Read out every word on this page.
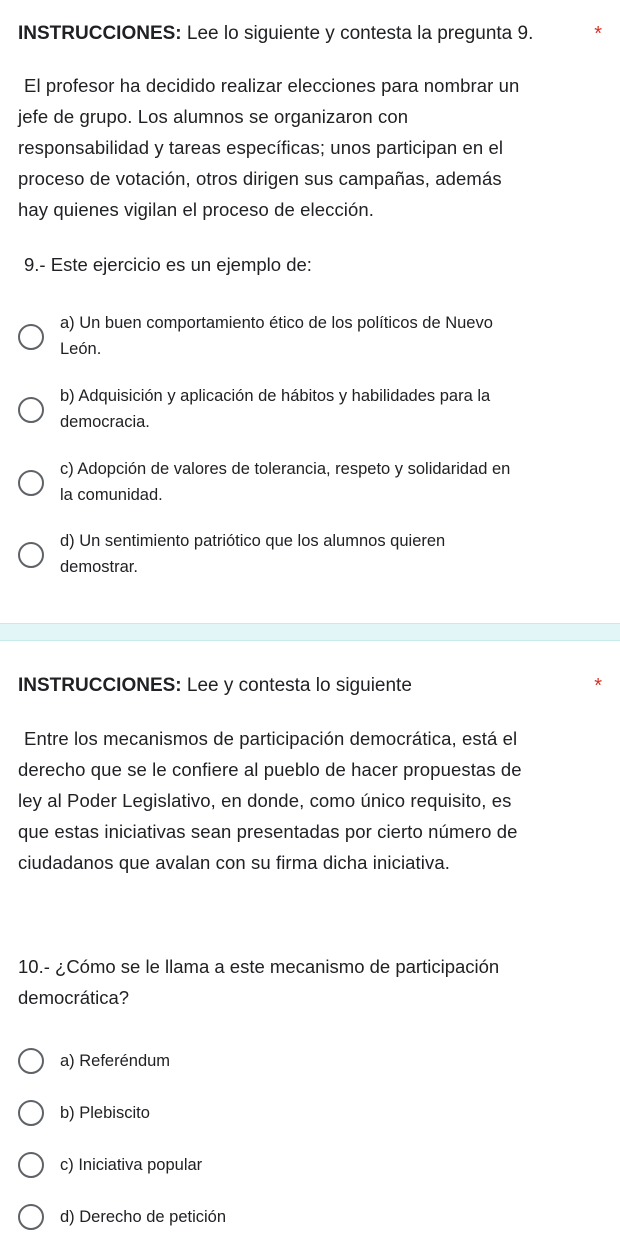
INSTRUCCIONES: Lee lo siguiente y contesta la pregunta 9.	*
El profesor ha decidido realizar elecciones para nombrar un
jefe de grupo. Los alumnos se organizaron con
responsabilidad y tareas específicas; unos participan en el
proceso de votación, otros dirigen sus campañas, además
hay quienes vigilan el proceso de elección.
9.- Este ejercicio es un ejemplo de:
a) Un buen comportamiento ético de los políticos de Nuevo
León.
b) Adquisición y aplicación de hábitos y habilidades para la
democracia.
c) Adopción de valores de tolerancia, respeto y solidaridad en
la comunidad.
d) Un sentimiento patriótico que los alumnos quieren
demostrar.
INSTRUCCIONES: Lee y contesta lo siguiente	*
Entre los mecanismos de participación democrática, está el
derecho que se le confiere al pueblo de hacer propuestas de
ley al Poder Legislativo, en donde, como único requisito, es
que estas iniciativas sean presentadas por cierto número de
ciudadanos que avalan con su firma dicha iniciativa.
10.- ¿Cómo se le llama a este mecanismo de participación
democrática?
a) Referéndum
b) Plebiscito
c) Iniciativa popular
d) Derecho de petición
